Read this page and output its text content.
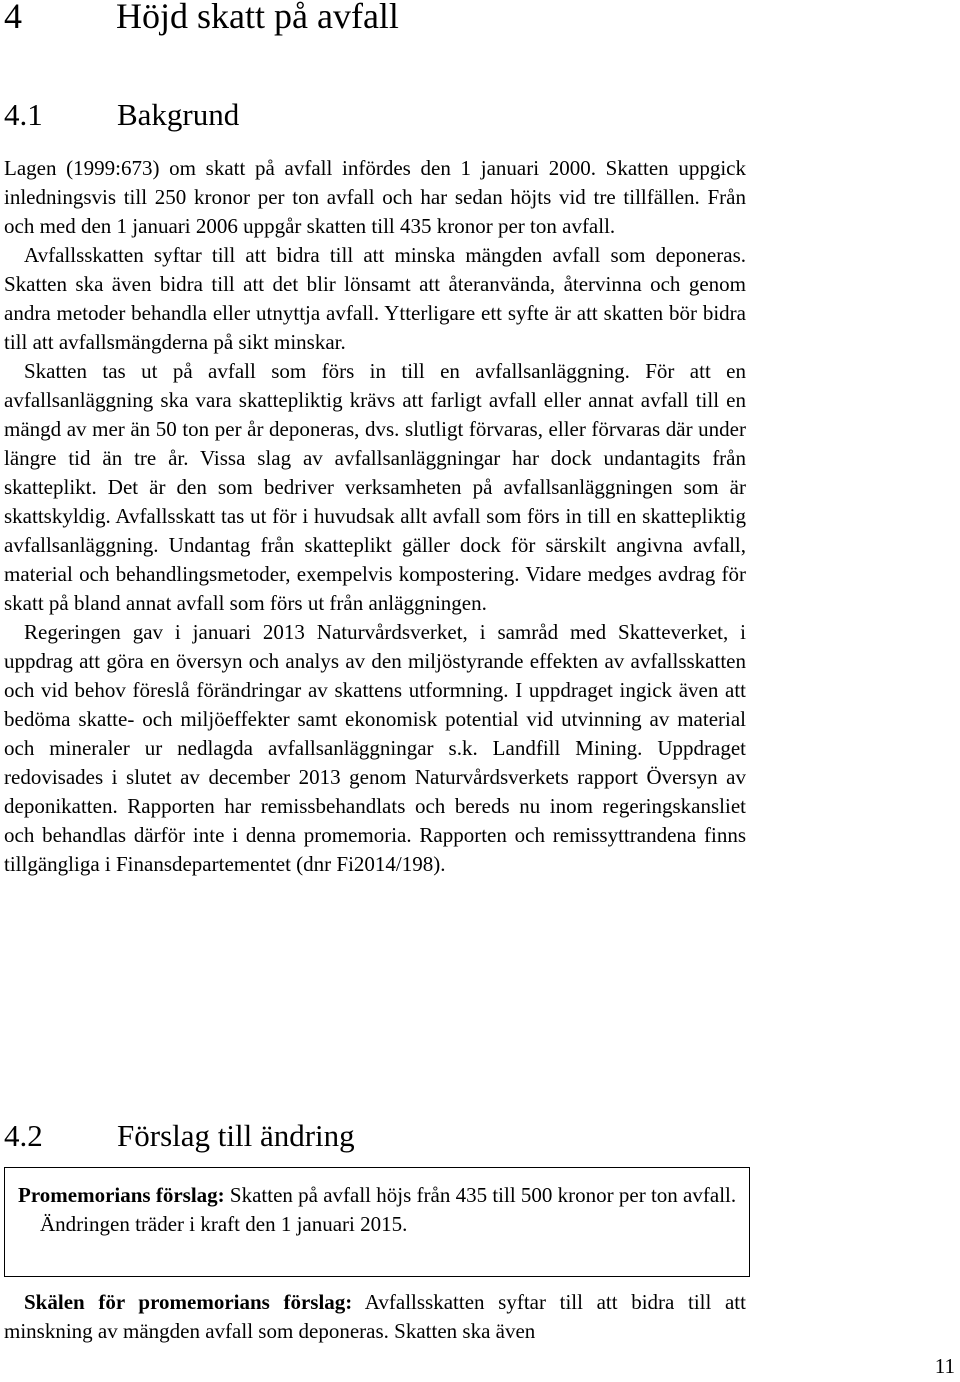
4	Höjd skatt på avfall
4.1 Bakgrund

Lagen (1999:673) om skatt på avfall infördes den 1 januari 2000. Skatten uppgick inledningsvis till 250 kronor per ton avfall och har sedan höjts vid tre tillfällen. Från och med den 1 januari 2006 uppgår skatten till 435 kronor per ton avfall.

Avfallsskatten syftar till att bidra till att minska mängden avfall som deponeras. Skatten ska även bidra till att det blir lönsamt att återanvända, återvinna och genom andra metoder behandla eller utnyttja avfall. Ytterligare ett syfte är att skatten bör bidra till att avfallsmängderna på sikt minskar.

Skatten tas ut på avfall som förs in till en avfallsanläggning. För att en avfallsanläggning ska vara skattepliktig krävs att farligt avfall eller annat avfall till en mängd av mer än 50 ton per år deponeras, dvs. slutligt förvaras, eller förvaras där under längre tid än tre år. Vissa slag av avfallsanläggningar har dock undantagits från skatteplikt. Det är den som bedriver verksamheten på avfallsanläggningen som är skattskyldig. Avfallsskatt tas ut för i huvudsak allt avfall som förs in till en skattepliktig avfallsanläggning. Undantag från skatteplikt gäller dock för särskilt angivna avfall, material och behandlingsmetoder, exempelvis kompostering. Vidare medges avdrag för skatt på bland annat avfall som förs ut från anläggningen.

Regeringen gav i januari 2013 Naturvårdsverket, i samråd med Skatteverket, i uppdrag att göra en översyn och analys av den miljöstyrande effekten av avfallsskatten och vid behov föreslå förändringar av skattens utformning. I uppdraget ingick även att bedöma skatte- och miljöeffekter samt ekonomisk potential vid utvinning av material och mineraler ur nedlagda avfallsanläggningar s.k. Landfill Mining. Uppdraget redovisades i slutet av december 2013 genom Naturvårdsverkets rapport Översyn av deponikatten. Rapporten har remissbehandlats och bereds nu inom regeringskansliet och behandlas därför inte i denna promemoria. Rapporten och remissyttrandena finns tillgängliga i Finansdepartementet (dnr Fi2014/198).

4.2 Förslag till ändring

Promemorians förslag: Skatten på avfall höjs från 435 till 500 kronor per ton avfall.

Ändringen träder i kraft den 1 januari 2015.

Skälen för promemorians förslag: Avfallsskatten syftar till att bidra till att minskning av mängden avfall som deponeras. Skatten ska även

11
